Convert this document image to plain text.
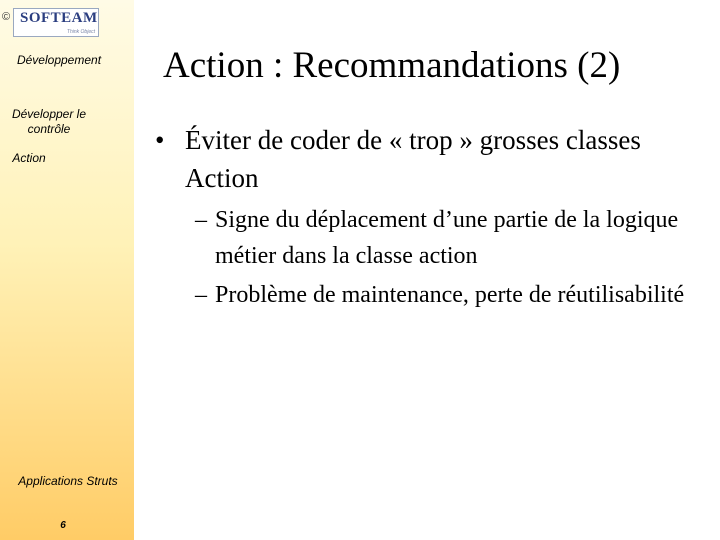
© SOFTEAM
Think Object
Développement
Développer le contrôle
Action
Applications Struts
6
Action : Recommandations (2)
• Éviter de coder de « trop » grosses classes Action
– Signe du déplacement d’une partie de la logique métier dans la classe action
– Problème de maintenance, perte de réutilisabilité
